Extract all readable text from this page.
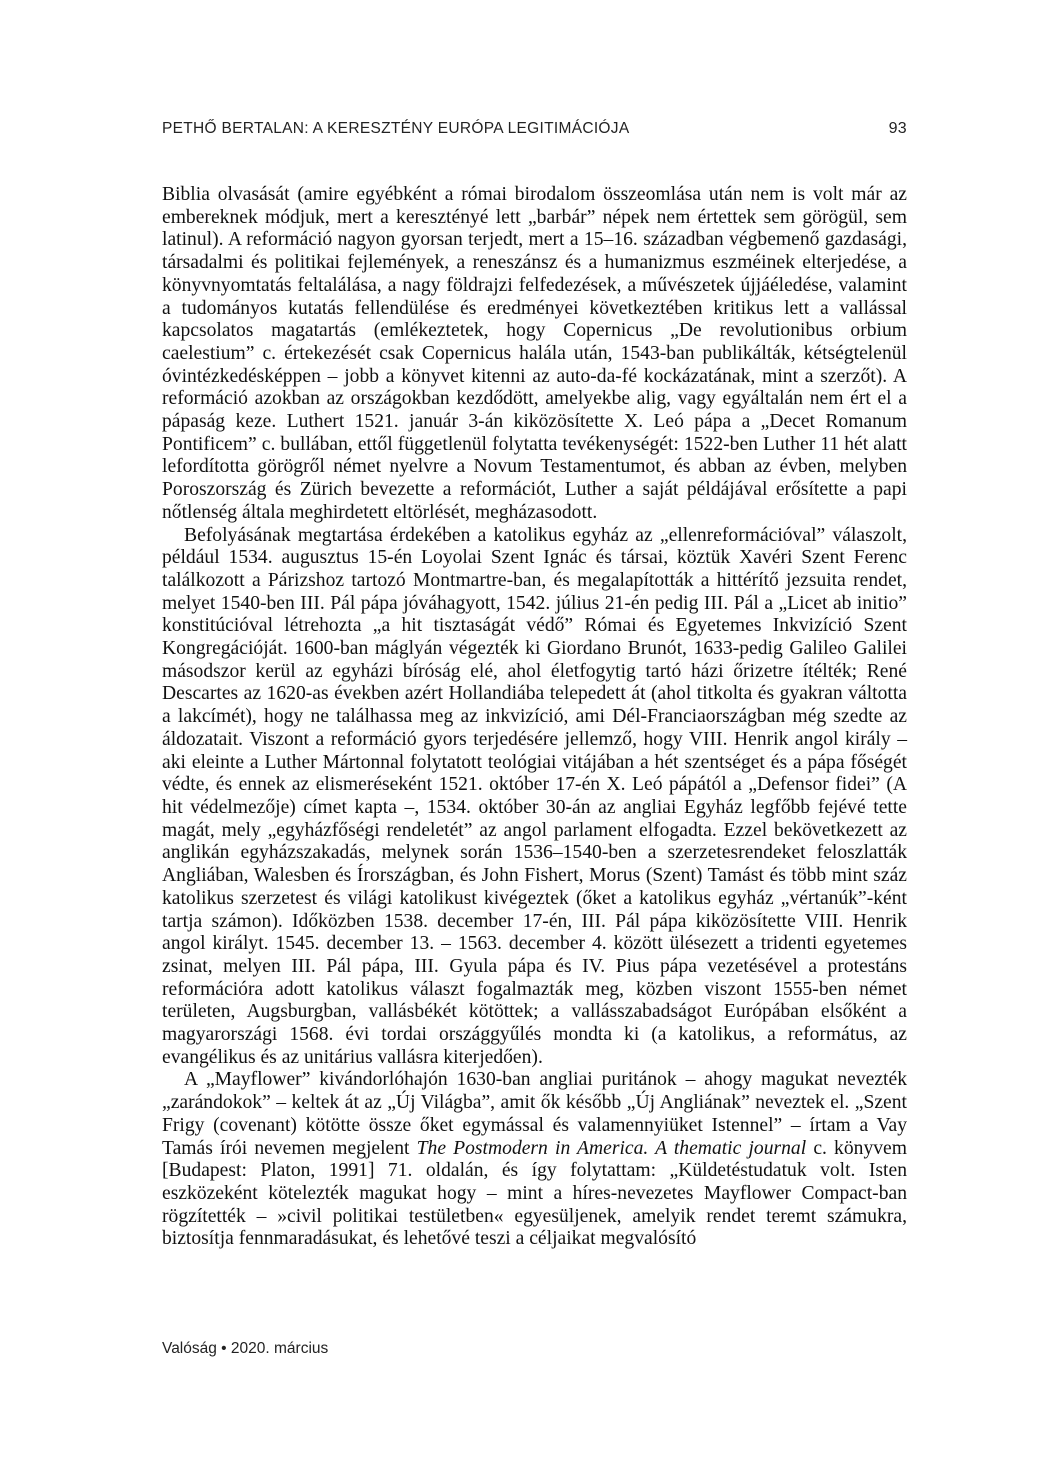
PETHŐ BERTALAN: A KERESZTÉNY EURÓPA LEGITIMÁCIÓJA	93

Biblia olvasását (amire egyébként a római birodalom összeomlása után nem is volt már az embereknek módjuk, mert a keresztényé lett „barbár” népek nem értettek sem görögül, sem latinul). A reformáció nagyon gyorsan terjedt, mert a 15–16. században végbemenő gazdasági, társadalmi és politikai fejlemények, a reneszánsz és a humanizmus eszméinek elterjedése, a könyvnyomtatás feltalálása, a nagy földrajzi felfedezések, a művészetek újjáéledése, valamint a tudományos kutatás fellendülése és eredményei következtében kritikus lett a vallással kapcsolatos magatartás (emlékeztetek, hogy Copernicus „De revolutionibus orbium caelestium” c. értekezését csak Copernicus halála után, 1543-ban publikálták, kétségtelenül óvintézkedésképpen – jobb a könyvet kitenni az auto-da-fé kockázatának, mint a szerzőt). A reformáció azokban az országokban kezdődött, amelyekbe alig, vagy egyáltalán nem ért el a pápaság keze. Luthert 1521. január 3-án kiközösítette X. Leó pápa a „Decet Romanum Pontificem” c. bullában, ettől függetlenül folytatta tevékenységét: 1522-ben Luther 11 hét alatt lefordította görögről német nyelvre a Novum Testamentumot, és abban az évben, melyben Poroszország és Zürich bevezette a reformációt, Luther a saját példájával erősítette a papi nőtlenség általa meghirdetett eltörlését, megházasodott.

Befolyásának megtartása érdekében a katolikus egyház az „ellenreformációval” válaszolt, például 1534. augusztus 15-én Loyolai Szent Ignác és társai, köztük Xavéri Szent Ferenc találkozott a Párizshoz tartozó Montmartre-ban, és megalapították a hittérítő jezsuita rendet, melyet 1540-ben III. Pál pápa jóváhagyott, 1542. július 21-én pedig III. Pál a „Licet ab initio” konstitúcióval létrehozta „a hit tisztaságát védő” Római és Egyetemes Inkvizíció Szent Kongregációját. 1600-ban máglyán végezték ki Giordano Brunót, 1633-pedig Galileo Galilei másodszor kerül az egyházi bíróság elé, ahol életfogytig tartó házi őrizetre ítélték; René Descartes az 1620-as években azért Hollandiába telepedett át (ahol titkolta és gyakran váltotta a lakcímét), hogy ne találhassa meg az inkvizíció, ami Dél-Franciaországban még szedte az áldozatait. Viszont a reformáció gyors terjedésére jellemző, hogy VIII. Henrik angol király – aki eleinte a Luther Mártonnal folytatott teológiai vitájában a hét szentséget és a pápa főségét védte, és ennek az elismeréseként 1521. október 17-én X. Leó pápától a „Defensor fidei” (A hit védelmezője) címet kapta –, 1534. október 30-án az angliai Egyház legfőbb fejévé tette magát, mely „egyházfőségi rendeletét” az angol parlament elfogadta. Ezzel bekövetkezett az anglikán egyházszakadás, melynek során 1536–1540-ben a szerzetesrendeket feloszlatták Angliában, Walesben és Írországban, és John Fishert, Morus (Szent) Tamást és több mint száz katolikus szerzetest és világi katolikust kivégeztek (őket a katolikus egyház „vértanúk”-ként tartja számon). Időközben 1538. december 17-én, III. Pál pápa kiközösítette VIII. Henrik angol királyt. 1545. december 13. – 1563. december 4. között ülésezett a tridenti egyetemes zsinat, melyen III. Pál pápa, III. Gyula pápa és IV. Pius pápa vezetésével a protestáns reformációra adott katolikus választ fogalmazták meg, közben viszont 1555-ben német területen, Augsburgban, vallásbékét kötöttek; a vallásszabadságot Európában elsőként a magyarországi 1568. évi tordai országgyűlés mondta ki (a katolikus, a református, az evangélikus és az unitárius vallásra kiterjedően).

A „Mayflower” kivándorlóhajón 1630-ban angliai puritánok – ahogy magukat nevezték „zarándokok” – keltek át az „Új Világba”, amit ők később „Új Angliának” neveztek el. „Szent Frigy (covenant) kötötte össze őket egymással és valamennyiüket Istennel” – írtam a Vay Tamás írói nevemen megjelent The Postmodern in America. A thematic journal c. könyvem [Budapest: Platon, 1991] 71. oldalán, és így folytattam: „Küldetéstudatuk volt. Isten eszközeként kötelezték magukat hogy – mint a híres-nevezetes Mayflower Compact-ban rögzítették – »civil politikai testületben« egyesüljenek, amelyik rendet teremt számukra, biztosítja fennmaradásukat, és lehetővé teszi a céljaikat megvalósító

Valóság • 2020. március
